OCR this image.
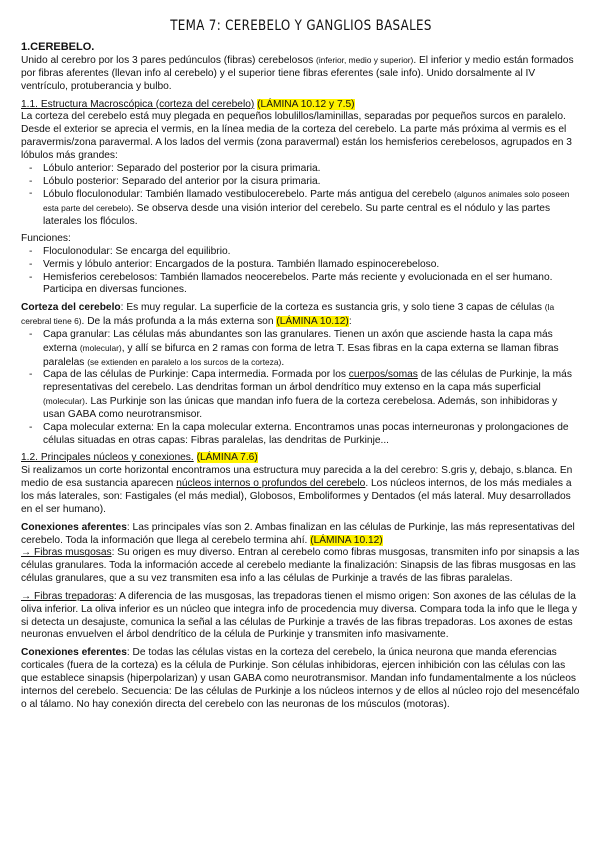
TEMA 7: CEREBELO Y GANGLIOS BASALES

1.CEREBELO.

Unido al cerebro por los 3 pares pedúnculos (fibras) cerebelosos (inferior, medio y superior). El inferior y medio están formados por fibras aferentes (llevan info al cerebelo) y el superior tiene fibras eferentes (sale info). Unido dorsalmente al IV ventrículo, protuberancia y bulbo.

1.1. Estructura Macroscópica (corteza del cerebelo) (LÁMINA 10.12 y 7.5)

La corteza del cerebelo está muy plegada en pequeños lobulillos/laminillas, separadas por pequeños surcos en paralelo. Desde el exterior se aprecia el vermis, en la línea media de la corteza del cerebelo. La parte más próxima al vermis es el paravermis/zona paravermal. A los lados del vermis (zona paravermal) están los hemisferios cerebelosos, agrupados en 3 lóbulos más grandes:

- Lóbulo anterior: Separado del posterior por la cisura primaria.
- Lóbulo posterior: Separado del anterior por la cisura primaria.
- Lóbulo floculonodular: También llamado vestibulocerebelo. Parte más antigua del cerebelo (algunos animales solo poseen esta parte del cerebelo). Se observa desde una visión interior del cerebelo. Su parte central es el nódulo y las partes laterales los flóculos.

Funciones:

- Floculonodular: Se encarga del equilibrio.
- Vermis y lóbulo anterior: Encargados de la postura. También llamado espinocerebeloso.
- Hemisferios cerebelosos: También llamados neocerebelos. Parte más reciente y evolucionada en el ser humano. Participa en diversas funciones.

Corteza del cerebelo: Es muy regular. La superficie de la corteza es sustancia gris, y solo tiene 3 capas de células (la cerebral tiene 6). De la más profunda a la más externa son (LÁMINA 10.12):

- Capa granular: Las células más abundantes son las granulares. Tienen un axón que asciende hasta la capa más externa (molecular), y allí se bifurca en 2 ramas con forma de letra T. Esas fibras en la capa externa se llaman fibras paralelas (se extienden en paralelo a los surcos de la corteza).
- Capa de las células de Purkinje: Capa intermedia. Formada por los cuerpos/somas de las células de Purkinje, la más representativas del cerebelo. Las dendritas forman un árbol dendrítico muy extenso en la capa más superficial (molecular). Las Purkinje son las únicas que mandan info fuera de la corteza cerebelosa. Además, son inhibidoras y usan GABA como neurotransmisor.
- Capa molecular externa: En la capa molecular externa. Encontramos unas pocas interneuronas y prolongaciones de células situadas en otras capas: Fibras paralelas, las dendritas de Purkinje...

1.2. Principales núcleos y conexiones. (LÁMINA 7.6)

Si realizamos un corte horizontal encontramos una estructura muy parecida a la del cerebro: S.gris y, debajo, s.blanca. En medio de esa sustancia aparecen núcleos internos o profundos del cerebelo. Los núcleos internos, de los más mediales a los más laterales, son: Fastigales (el más medial), Globosos, Emboliformes y Dentados (el más lateral. Muy desarrollados en el ser humano).

Conexiones aferentes: Las principales vías son 2. Ambas finalizan en las células de Purkinje, las más representativas del cerebelo. Toda la información que llega al cerebelo termina ahí. (LÁMINA 10.12)

→ Fibras musgosas: Su origen es muy diverso. Entran al cerebelo como fibras musgosas, transmiten info por sinapsis a las células granulares. Toda la información accede al cerebelo mediante la finalización: Sinapsis de las fibras musgosas en las células granulares, que a su vez transmiten esa info a las células de Purkinje a través de las fibras paralelas.

→ Fibras trepadoras: A diferencia de las musgosas, las trepadoras tienen el mismo origen: Son axones de las células de la oliva inferior. La oliva inferior es un núcleo que integra info de procedencia muy diversa. Compara toda la info que le llega y si detecta un desajuste, comunica la señal a las células de Purkinje a través de las fibras trepadoras. Los axones de estas neuronas envuelven el árbol dendrítico de la célula de Purkinje y transmiten info masivamente.

Conexiones eferentes: De todas las células vistas en la corteza del cerebelo, la única neurona que manda eferencias corticales (fuera de la corteza) es la célula de Purkinje. Son células inhibidoras, ejercen inhibición con las células con las que establece sinapsis (hiperpolarizan) y usan GABA como neurotransmisor. Mandan info fundamentalmente a los núcleos internos del cerebelo. Secuencia: De las células de Purkinje a los núcleos internos y de ellos al núcleo rojo del mesencéfalo o al tálamo. No hay conexión directa del cerebelo con las neuronas de los músculos (motoras).
